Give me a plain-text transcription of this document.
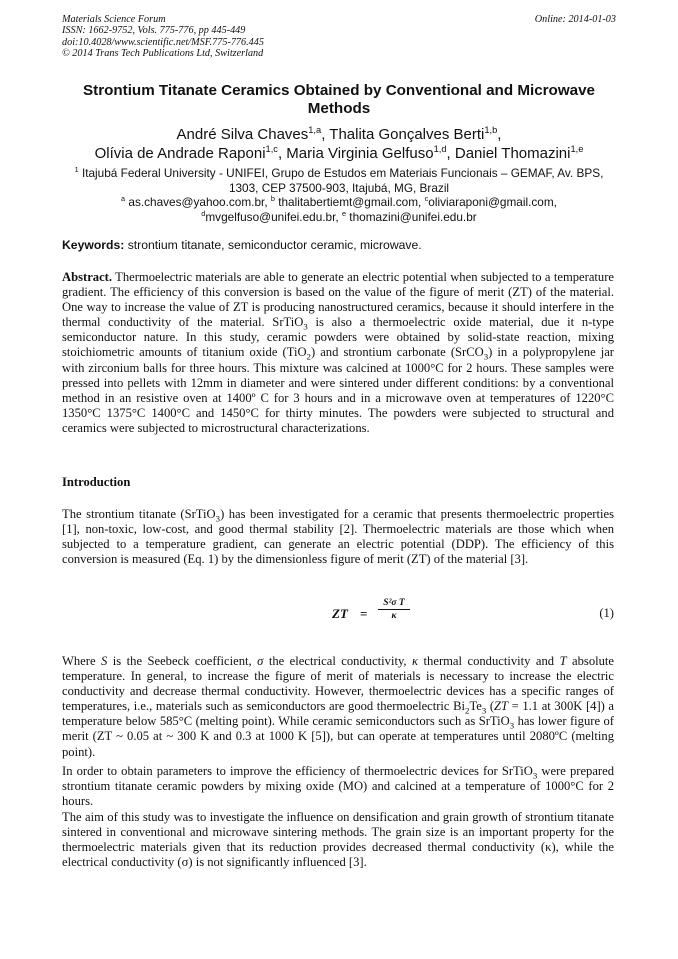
Materials Science Forum
ISSN: 1662-9752, Vols. 775-776, pp 445-449
doi:10.4028/www.scientific.net/MSF.775-776.445
© 2014 Trans Tech Publications Ltd, Switzerland
Online: 2014-01-03
Strontium Titanate Ceramics Obtained by Conventional and Microwave Methods
André Silva Chaves$^{1,a}$, Thalita Gonçalves Berti$^{1,b}$,
Olívia de Andrade Raponi$^{1,c}$, Maria Virginia Gelfuso$^{1,d}$, Daniel Thomazini$^{1,e}$
$^1$ Itajubá Federal University - UNIFEI, Grupo de Estudos em Materiais Funcionais – GEMAF, Av. BPS, 1303, CEP 37500-903, Itajubá, MG, Brazil
$^a$ as.chaves@yahoo.com.br, $^b$ thalitabertiemt@gmail.com, $^c$oliviaraponi@gmail.com,
$^d$mvgelfuso@unifei.edu.br, $^e$ thomazini@unifei.edu.br
Keywords: strontium titanate, semiconductor ceramic, microwave.

Abstract. Thermoelectric materials are able to generate an electric potential when subjected to a temperature gradient. The efficiency of this conversion is based on the value of the figure of merit (ZT) of the material. One way to increase the value of ZT is producing nanostructured ceramics, because it should interfere in the thermal conductivity of the material. SrTiO$_3$ is also a thermoelectric oxide material, due it n-type semiconductor nature. In this study, ceramic powders were obtained by solid-state reaction, mixing stoichiometric amounts of titanium oxide (TiO$_2$) and strontium carbonate (SrCO$_3$) in a polypropylene jar with zirconium balls for three hours. This mixture was calcined at 1000°C for 2 hours. These samples were pressed into pellets with 12mm in diameter and were sintered under different conditions: by a conventional method in an resistive oven at 1400º C for 3 hours and in a microwave oven at temperatures of 1220°C 1350°C 1375°C 1400°C and 1450°C for thirty minutes. The powders were subjected to structural and ceramics were subjected to microstructural characterizations.

Introduction

The strontium titanate (SrTiO$_3$) has been investigated for a ceramic that presents thermoelectric properties [1], non-toxic, low-cost, and good thermal stability [2]. Thermoelectric materials are those which when subjected to a temperature gradient, can generate an electric potential (DDP). The efficiency of this conversion is measured (Eq. 1) by the dimensionless figure of merit (ZT) of the material [3].

ZT = $\frac{\text{S²σ T}}{\kappa}$	(1)

Where S is the Seebeck coefficient, σ the electrical conductivity, κ thermal conductivity and T absolute temperature. In general, to increase the figure of merit of materials is necessary to increase the electric conductivity and decrease thermal conductivity. However, thermoelectric devices has a specific ranges of temperatures, i.e., materials such as semiconductors are good thermoelectric $Bi_2Te_3$ (ZT = 1.1 at 300K [4]) a temperature below 585°C (melting point). While ceramic semiconductors such as SrTiO$_3$ has lower figure of merit (ZT ~ 0.05 at ~ 300 K and 0.3 at 1000 K [5]), but can operate at temperatures until 2080ºC (melting point).

In order to obtain parameters to improve the efficiency of thermoelectric devices for SrTiO$_3$ were prepared strontium titanate ceramic powders by mixing oxide (MO) and calcined at a temperature of 1000°C for 2 hours.

The aim of this study was to investigate the influence on densification and grain growth of strontium titanate sintered in conventional and microwave sintering methods. The grain size is an important property for the thermoelectric materials given that its reduction provides decreased thermal conductivity (κ), while the electrical conductivity (σ) is not significantly influenced [3].
